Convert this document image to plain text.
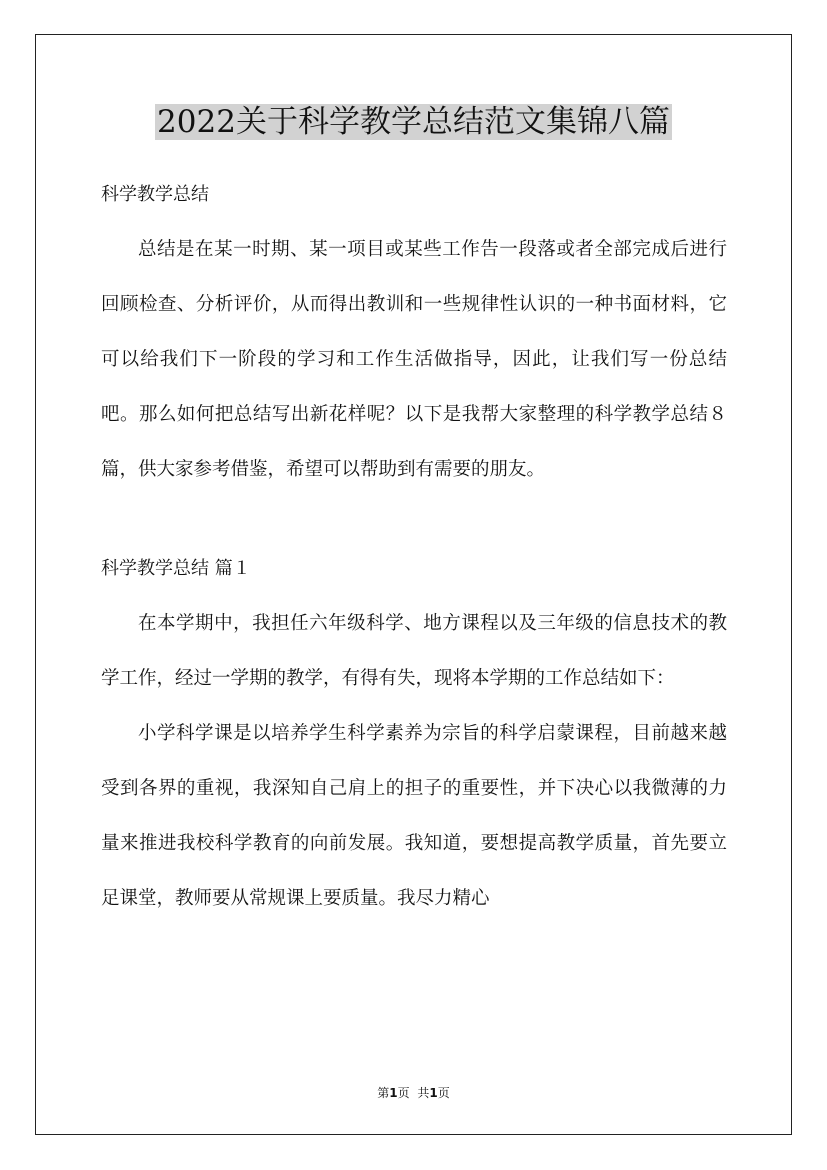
2022关于科学教学总结范文集锦八篇

科学教学总结

总结是在某一时期、某一项目或某些工作告一段落或者全部完成后进行回顾检查、分析评价，从而得出教训和一些规律性认识的一种书面材料，它可以给我们下一阶段的学习和工作生活做指导，因此，让我们写一份总结吧。那么如何把总结写出新花样呢？以下是我帮大家整理的科学教学总结８篇，供大家参考借鉴，希望可以帮助到有需要的朋友。

科学教学总结 篇１

在本学期中，我担任六年级科学、地方课程以及三年级的信息技术的教学工作，经过一学期的教学，有得有失，现将本学期的工作总结如下：

小学科学课是以培养学生科学素养为宗旨的科学启蒙课程，目前越来越受到各界的重视，我深知自己肩上的担子的重要性，并下决心以我微薄的力量来推进我校科学教育的向前发展。我知道，要想提高教学质量，首先要立足课堂，教师要从常规课上要质量。我尽力精心

第1页 共1页
